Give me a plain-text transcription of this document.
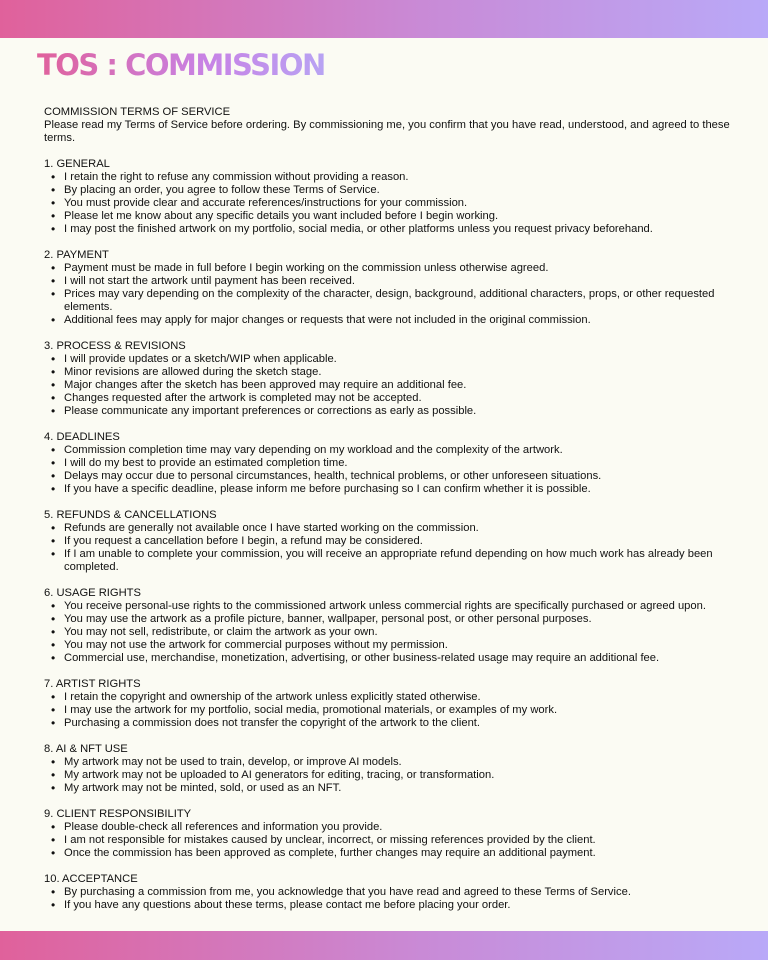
TOS : COMMISSION

COMMISSION TERMS OF SERVICE

Please read my Terms of Service before ordering. By commissioning me, you confirm that you have read, understood, and agreed to these terms.

1. GENERAL
• I retain the right to refuse any commission without providing a reason.
• By placing an order, you agree to follow these Terms of Service.
• You must provide clear and accurate references/instructions for your commission.
• Please let me know about any specific details you want included before I begin working.
• I may post the finished artwork on my portfolio, social media, or other platforms unless you request privacy beforehand.
2. PAYMENT
• Payment must be made in full before I begin working on the commission unless otherwise agreed.
• I will not start the artwork until payment has been received.
• Prices may vary depending on the complexity of the character, design, background, additional characters, props, or other requested elements.
• Additional fees may apply for major changes or requests that were not included in the original commission.
3. PROCESS & REVISIONS
• I will provide updates or a sketch/WIP when applicable.
• Minor revisions are allowed during the sketch stage.
• Major changes after the sketch has been approved may require an additional fee.
• Changes requested after the artwork is completed may not be accepted.
• Please communicate any important preferences or corrections as early as possible.
4. DEADLINES
• Commission completion time may vary depending on my workload and the complexity of the artwork.
• I will do my best to provide an estimated completion time.
• Delays may occur due to personal circumstances, health, technical problems, or other unforeseen situations.
• If you have a specific deadline, please inform me before purchasing so I can confirm whether it is possible.
5. REFUNDS & CANCELLATIONS
• Refunds are generally not available once I have started working on the commission.
• If you request a cancellation before I begin, a refund may be considered.
• If I am unable to complete your commission, you will receive an appropriate refund depending on how much work has already been completed.
6. USAGE RIGHTS
• You receive personal-use rights to the commissioned artwork unless commercial rights are specifically purchased or agreed upon.
• You may use the artwork as a profile picture, banner, wallpaper, personal post, or other personal purposes.
• You may not sell, redistribute, or claim the artwork as your own.
• You may not use the artwork for commercial purposes without my permission.
• Commercial use, merchandise, monetization, advertising, or other business-related usage may require an additional fee.
7. ARTIST RIGHTS
• I retain the copyright and ownership of the artwork unless explicitly stated otherwise.
• I may use the artwork for my portfolio, social media, promotional materials, or examples of my work.
• Purchasing a commission does not transfer the copyright of the artwork to the client.
8. AI & NFT USE
• My artwork may not be used to train, develop, or improve AI models.
• My artwork may not be uploaded to AI generators for editing, tracing, or transformation.
• My artwork may not be minted, sold, or used as an NFT.
9. CLIENT RESPONSIBILITY
• Please double-check all references and information you provide.
• I am not responsible for mistakes caused by unclear, incorrect, or missing references provided by the client.
• Once the commission has been approved as complete, further changes may require an additional payment.
10. ACCEPTANCE
• By purchasing a commission from me, you acknowledge that you have read and agreed to these Terms of Service.
• If you have any questions about these terms, please contact me before placing your order.
